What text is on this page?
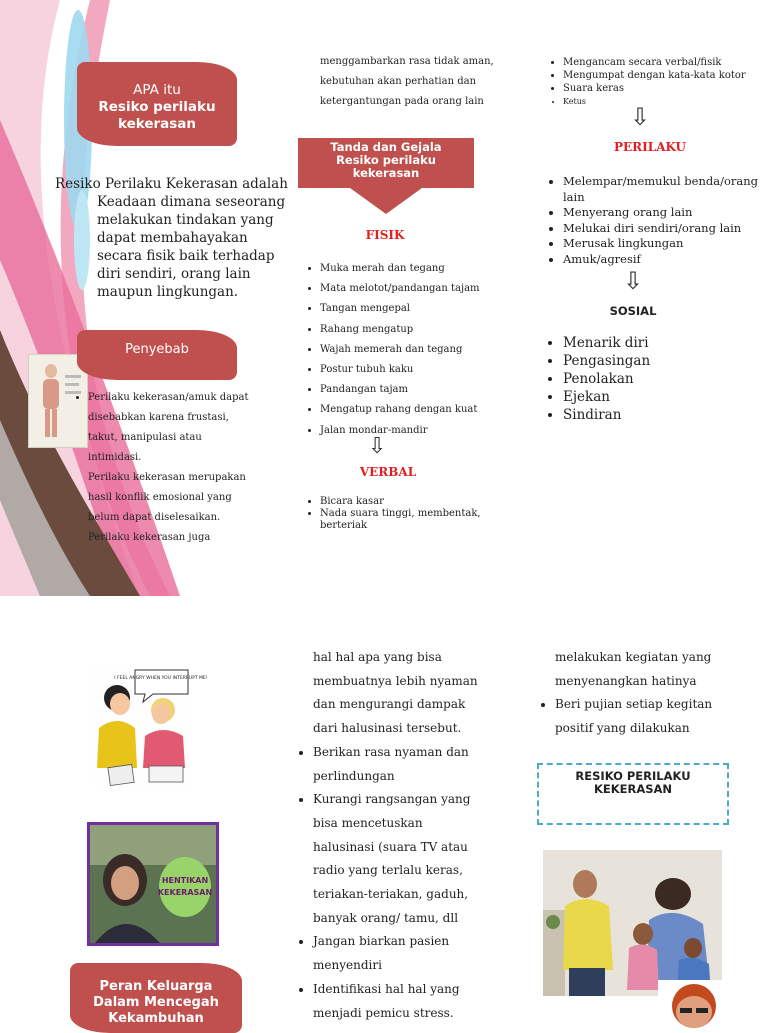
APA itu
Resiko perilaku
kekerasan
Resiko Perilaku Kekerasan adalah Keadaan dimana seseorang melakukan tindakan yang dapat membahayakan secara fisik baik terhadap diri sendiri, orang lain maupun lingkungan.
Penyebab
• Perilaku kekerasan/amuk dapat disebabkan karena frustasi, takut, manipulasi atau intimidasi.
Perilaku kekerasan merupakan hasil konflik emosional yang belum dapat diselesaikan.
Perilaku kekerasan juga
menggambarkan rasa tidak aman,
kebutuhan akan perhatian dan
ketergantungan pada orang lain
Tanda dan Gejala
Resiko perilaku
kekerasan
FISIK
• Muka merah dan tegang
• Mata melotot/pandangan tajam
• Tangan mengepal
• Rahang mengatup
• Wajah memerah dan tegang
• Postur tubuh kaku
• Pandangan tajam
• Mengatup rahang dengan kuat
• Jalan mondar-mandir
⇩
VERBAL
• Bicara kasar
• Nada suara tinggi, membentak, berteriak
• Mengancam secara verbal/fisik
• Mengumpat dengan kata-kata kotor
• Suara keras
• Ketus
⇩
PERILAKU
• Melempar/memukul benda/orang lain
• Menyerang orang lain
• Melukai diri sendiri/orang lain
• Merusak lingkungan
• Amuk/agresif
⇩
SOSIAL
• Menarik diri
• Pengasingan
• Penolakan
• Ejekan
• Sindiran
I FEEL ANGRY WHEN YOU INTERRUPT ME!
HENTIKAN
KEKERASAN
Peran Keluarga
Dalam Mencegah
Kekambuhan
hal hal apa yang bisa membuatnya lebih nyaman dan mengurangi dampak dari halusinasi tersebut.
• Berikan rasa nyaman dan perlindungan
• Kurangi rangsangan yang bisa mencetuskan halusinasi (suara TV atau radio yang terlalu keras, teriakan-teriakan, gaduh, banyak orang/ tamu, dll
• Jangan biarkan pasien menyendiri
• Identifikasi hal hal yang menjadi pemicu stress.
melakukan kegiatan yang menyenangkan hatinya
• Beri pujian setiap kegitan positif yang dilakukan
RESIKO PERILAKU
KEKERASAN
